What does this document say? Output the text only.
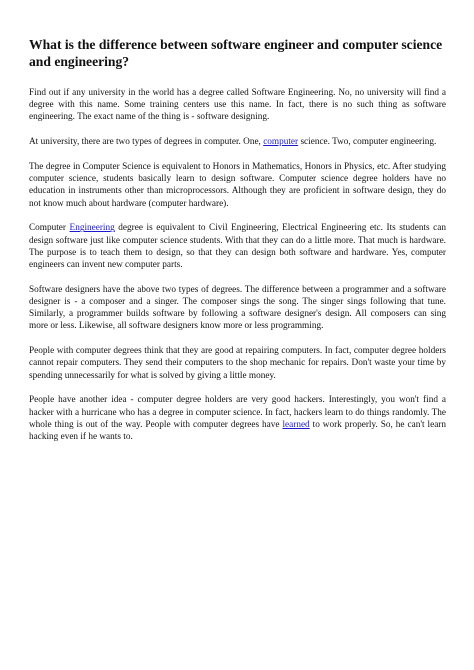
What is the difference between software engineer and computer science and engineering?

Find out if any university in the world has a degree called Software Engineering. No, no university will find a degree with this name. Some training centers use this name. In fact, there is no such thing as software engineering. The exact name of the thing is - software designing.

At university, there are two types of degrees in computer. One, computer science. Two, computer engineering.

The degree in Computer Science is equivalent to Honors in Mathematics, Honors in Physics, etc. After studying computer science, students basically learn to design software. Computer science degree holders have no education in instruments other than microprocessors. Although they are proficient in software design, they do not know much about hardware (computer hardware).

Computer Engineering degree is equivalent to Civil Engineering, Electrical Engineering etc. Its students can design software just like computer science students. With that they can do a little more. That much is hardware. The purpose is to teach them to design, so that they can design both software and hardware. Yes, computer engineers can invent new computer parts.

Software designers have the above two types of degrees. The difference between a programmer and a software designer is - a composer and a singer. The composer sings the song. The singer sings following that tune. Similarly, a programmer builds software by following a software designer's design. All composers can sing more or less. Likewise, all software designers know more or less programming.

People with computer degrees think that they are good at repairing computers. In fact, computer degree holders cannot repair computers. They send their computers to the shop mechanic for repairs. Don't waste your time by spending unnecessarily for what is solved by giving a little money.

People have another idea - computer degree holders are very good hackers. Interestingly, you won't find a hacker with a hurricane who has a degree in computer science. In fact, hackers learn to do things randomly. The whole thing is out of the way. People with computer degrees have learned to work properly. So, he can't learn hacking even if he wants to.
